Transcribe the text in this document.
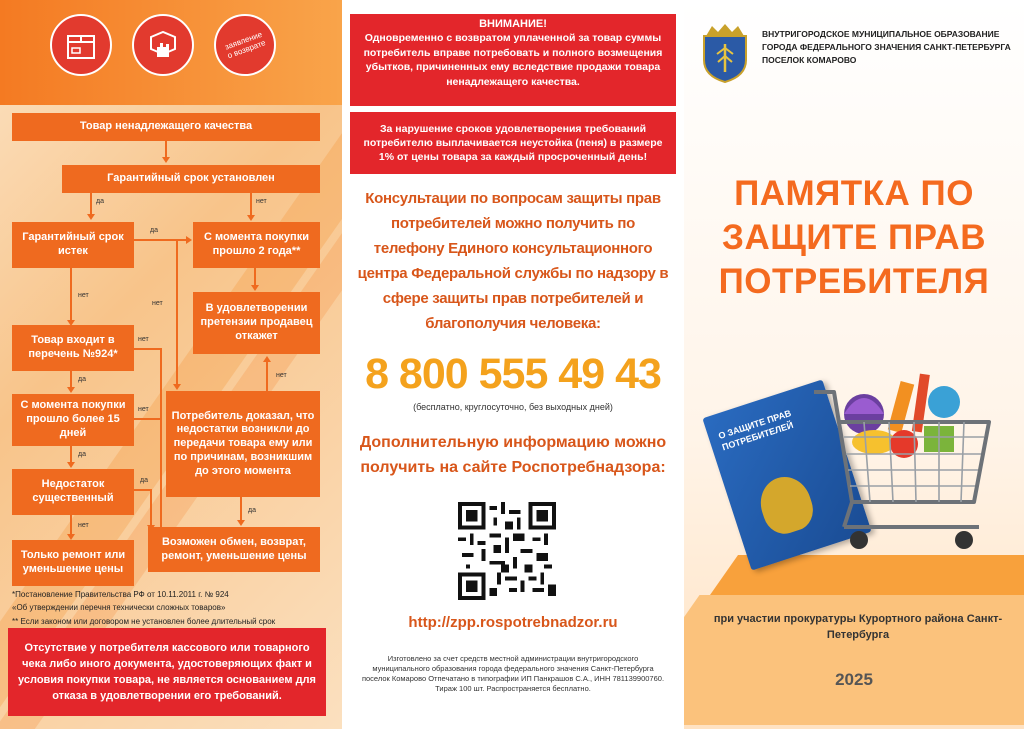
заявление о возврате
Товар ненадлежащего качества
Гарантийный срок установлен
да	нет
Гарантийный срок истек
да
С момента покупки прошло 2 года**
В удовлетворении претензии продавец откажет
нет
нет
Товар входит в перечень №924*
нет
да
С момента покупки прошло более 15 дней
нет
Потребитель доказал, что недостатки возникли до передачи товара ему или по причинам, возникшим до этого момента
нет
да
Недостаток существенный
да
да
Возможен обмен, возврат, ремонт, уменьшение цены
нет
Только ремонт или уменьшение цены
*Постановление Правительства РФ от 10.11.2011 г. № 924
«Об утверждении перечня технически сложных товаров»
** Если законом или договором не установлен более длительный срок
Отсутствие у потребителя кассового или товарного чека либо иного документа, удостоверяющих факт и условия покупки товара, не является основанием для отказа в удовлетворении его требований.
ВНИМАНИЕ!
Одновременно с возвратом уплаченной за товар суммы потребитель вправе потребовать и полного возмещения убытков, причиненных ему вследствие продажи товара ненадлежащего качества.
За нарушение сроков удовлетворения требований потребителю выплачивается неустойка (пеня) в размере 1% от цены товара за каждый просроченный день!
Консультации по вопросам защиты прав потребителей можно получить по телефону Единого консультационного центра Федеральной службы по надзору в сфере защиты прав потребителей и благополучия человека:
8 800 555 49 43
(бесплатно, круглосуточно, без выходных дней)
Дополнительную информацию можно получить на сайте Роспотребнадзора:
http://zpp.rospotrebnadzor.ru
Изготовлено за счет средств местной администрации внутригородского муниципального образования города федерального значения Санкт-Петербурга поселок Комарово Отпечатано в типографии ИП Панкрашов С.А., ИНН 781139900760. Тираж 100 шт. Распространяется бесплатно.
ВНУТРИГОРОДСКОЕ МУНИЦИПАЛЬНОЕ ОБРАЗОВАНИЕ
ГОРОДА ФЕДЕРАЛЬНОГО ЗНАЧЕНИЯ САНКТ-ПЕТЕРБУРГА
ПОСЕЛОК КОМАРОВО
ПАМЯТКА ПО
ЗАЩИТЕ ПРАВ
ПОТРЕБИТЕЛЯ
О ЗАЩИТЕ ПРАВ ПОТРЕБИТЕЛЕЙ
при участии прокуратуры Курортного района Санкт-Петербурга
2025
